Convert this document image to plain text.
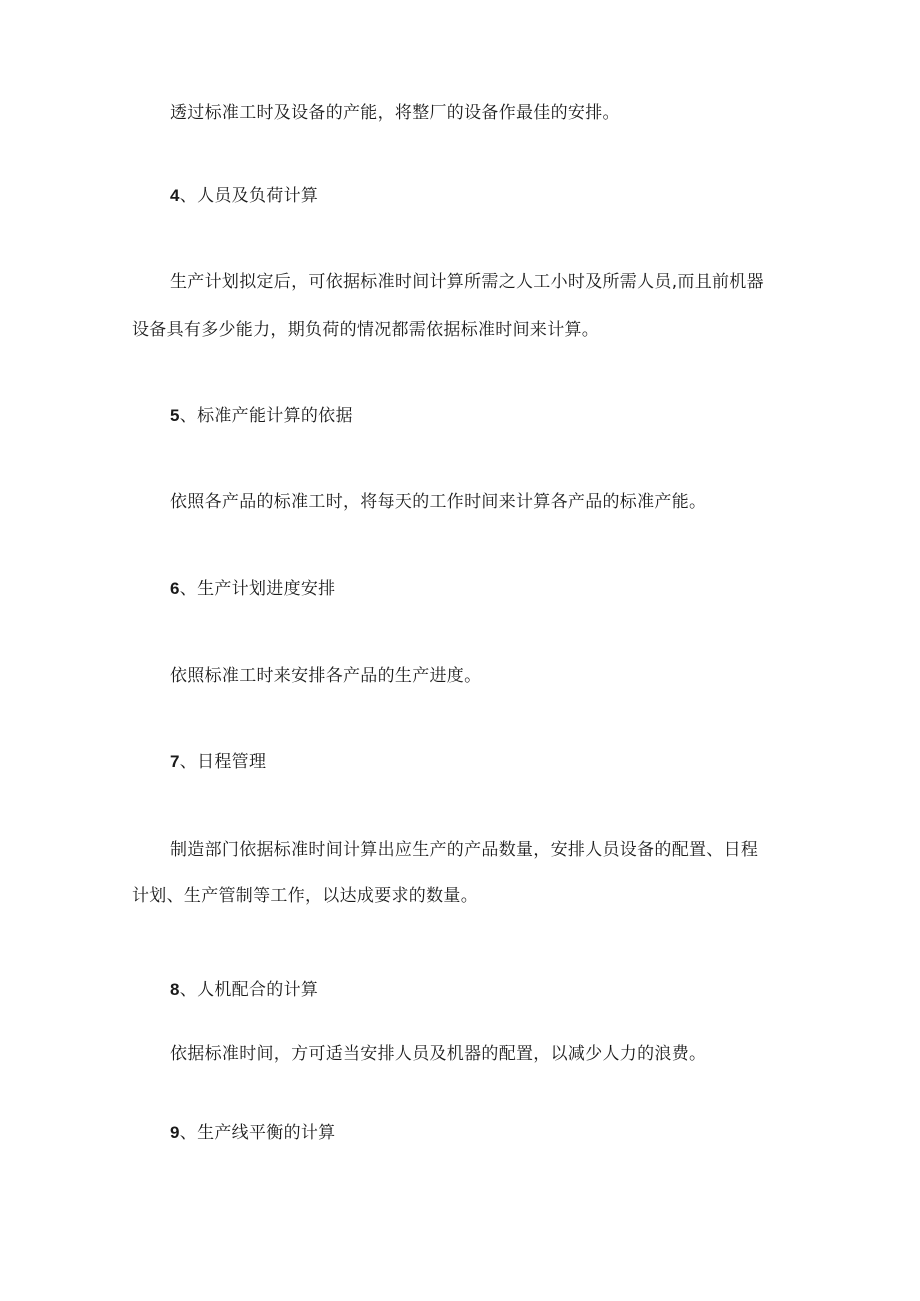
透过标准工时及设备的产能，将整厂的设备作最佳的安排。
4、人员及负荷计算
生产计划拟定后，可依据标准时间计算所需之人工小时及所需人员,而且前机器
设备具有多少能力，期负荷的情况都需依据标准时间来计算。
5、标准产能计算的依据
依照各产品的标准工时，将每天的工作时间来计算各产品的标准产能。
6、生产计划进度安排
依照标准工时来安排各产品的生产进度。
7、日程管理
制造部门依据标准时间计算出应生产的产品数量，安排人员设备的配置、日程
计划、生产管制等工作，以达成要求的数量。
8、人机配合的计算
依据标准时间，方可适当安排人员及机器的配置，以减少人力的浪费。
9、生产线平衡的计算
